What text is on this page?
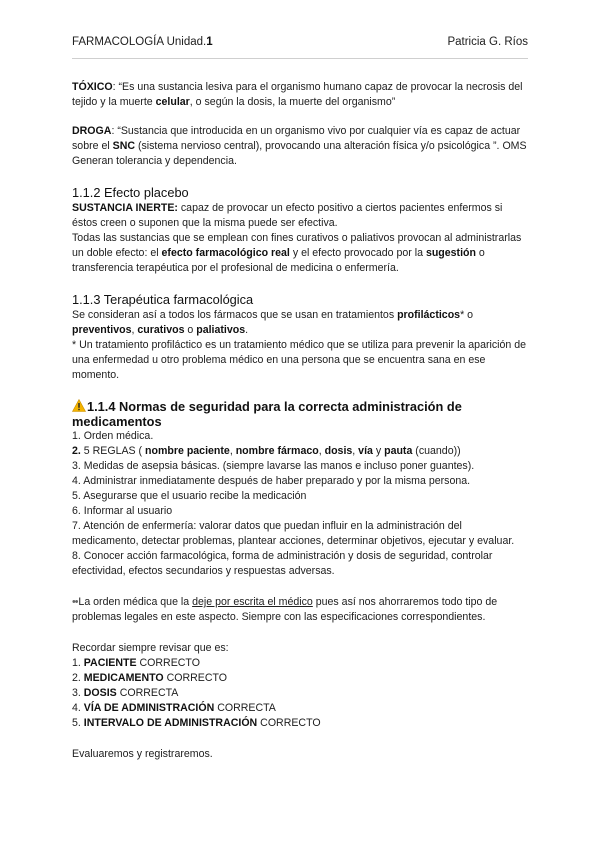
FARMACOLOGÍA Unidad.1	Patricia G. Ríos

TÓXICO: “Es una sustancia lesiva para el organismo humano capaz de provocar la necrosis del tejido y la muerte celular, o según la dosis, la muerte del organismo”

DROGA: “Sustancia que introducida en un organismo vivo por cualquier vía es capaz de actuar sobre el SNC (sistema nervioso central), provocando una alteración física y/o psicológica ”. OMS Generan tolerancia y dependencia.

1.1.2 Efecto placebo

SUSTANCIA INERTE: capaz de provocar un efecto positivo a ciertos pacientes enfermos si éstos creen o suponen que la misma puede ser efectiva.

Todas las sustancias que se emplean con fines curativos o paliativos provocan al administrarlas un doble efecto: el efecto farmacológico real y el efecto provocado por la sugestión o transferencia terapéutica por el profesional de medicina o enfermería.

1.1.3 Terapéutica farmacológica

Se consideran así a todos los fármacos que se usan en tratamientos profilácticos* o preventivos, curativos o paliativos.

* Un tratamiento profiláctico es un tratamiento médico que se utiliza para prevenir la aparición de una enfermedad u otro problema médico en una persona que se encuentra sana en ese momento.

1.1.4 Normas de seguridad para la correcta administración de medicamentos

1. Orden médica.

2. 5 REGLAS ( nombre paciente, nombre fármaco, dosis, vía y pauta (cuando))

3. Medidas de asepsia básicas. (siempre lavarse las manos e incluso poner guantes).

4. Administrar inmediatamente después de haber preparado y por la misma persona.

5. Asegurarse que el usuario recibe la medicación

6. Informar al usuario

7. Atención de enfermería: valorar datos que puedan influir en la administración del medicamento, detectar problemas, plantear acciones, determinar objetivos, ejecutar y evaluar.

8. Conocer acción farmacológica, forma de administración y dosis de seguridad, controlar efectividad, efectos secundarios y respuestas adversas.

••La orden médica que la deje por escrita el médico pues así nos ahorraremos todo tipo de problemas legales en este aspecto. Siempre con las especificaciones correspondientes.

Recordar siempre revisar que es:

1. PACIENTE CORRECTO

2. MEDICAMENTO CORRECTO

3. DOSIS CORRECTA

4. VÍA DE ADMINISTRACIÓN CORRECTA

5. INTERVALO DE ADMINISTRACIÓN CORRECTO

Evaluaremos y registraremos.
